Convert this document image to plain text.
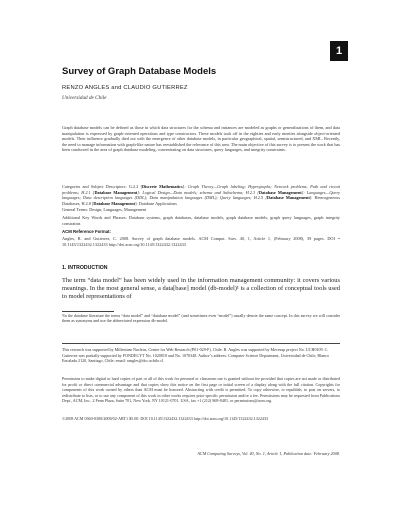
1
Survey of Graph Database Models
RENZO ANGLES and CLAUDIO GUTIERREZ
Universidad de Chile
Graph database models can be defined as those in which data structures for the schema and instances are modeled as graphs or generalizations of them, and data manipulation is expressed by graph-oriented operations and type constructors. These models took off in the eighties and early nineties alongside object-oriented models. Their influence gradually died out with the emergence of other database models, in particular geographical, spatial, semistructured, and XML. Recently, the need to manage information with graph-like nature has reestablished the relevance of this area. The main objective of this survey is to present the work that has been conducted in the area of graph database modeling, concentrating on data structures, query languages, and integrity constraints.
Categories and Subject Descriptors: G.2.2 [Discrete Mathematics]: Graph Theory—Graph labeling; Hypergraphs; Network problems; Path and circuit problems; H.2.1 [Database Management]: Logical Design—Data models; schema and Subschema; H.2.3 [Database Management]: Languages—Query languages; Data description languages (DDL); Data manipulation languages (DML); Query languages; H.2.5 [Database Management]: Heterogeneous Databases; H.2.8 [Database Management]: Database Applications
General Terms: Design, Languages, Management
Additional Key Words and Phrases: Database systems, graph databases, database models, graph database models, graph query languages, graph integrity constraints
ACM Reference Format:
Angles, R. and Gutierrez, C. 2008. Survey of graph database models. ACM Comput. Surv. 40, 1, Article 1, (February 2008), 39 pages. DOI = 10.1145/1322432.1322433 http://doi.acm.org/10.1145/1322432.1322433
1. INTRODUCTION
The term “data model” has been widely used in the information management community: it covers various meanings. In the most general sense, a data[base] model (db-model)¹ is a collection of conceptual tools used to model representations of
¹In the database literature the terms “data model” and “database model” (and sometimes even “model”) usually denote the same concept. In this survey we will consider them as synonyms and use the abbreviated expression db-model.
This research was supported by Millenium Nucleus, Center for Web Research (P01-029-F), Chile. R. Angles was supported by Mecesup project No. UCH0109. C. Gutierrez was partially supported by FONDECYT No. 1020810 and No. 1070348. Author’s address: Computer Science Department, Universidad de Chile, Blanco Encalada 2120, Santiago, Chile; email: rangles@dcc.uchile.cl.
Permission to make digital or hard copies of part or all of this work for personal or classroom use is granted without fee provided that copies are not made or distributed for profit or direct commercial advantage and that copies show this notice on the first page or initial screen of a display along with the full citation. Copyrights for components of this work owned by others than ACM must be honored. Abstracting with credit is permitted. To copy otherwise, to republish, to post on servers, to redistribute to lists, or to use any component of this work in other works requires prior specific permission and/or a fee. Permissions may be requested from Publications Dept., ACM, Inc., 2 Penn Plaza, Suite 701, New York, NY 10121-0701, USA, fax +1 (212) 869-0481, or permissions@acm.org.
©2008 ACM 0360-0300/2008/02-ART1 $5.00. DOI 10.1145/1322432.1322433 http://doi.acm.org/10.1145/1322432.1322433
ACM Computing Surveys, Vol. 40, No. 1, Article 1, Publication date: February 2008.
